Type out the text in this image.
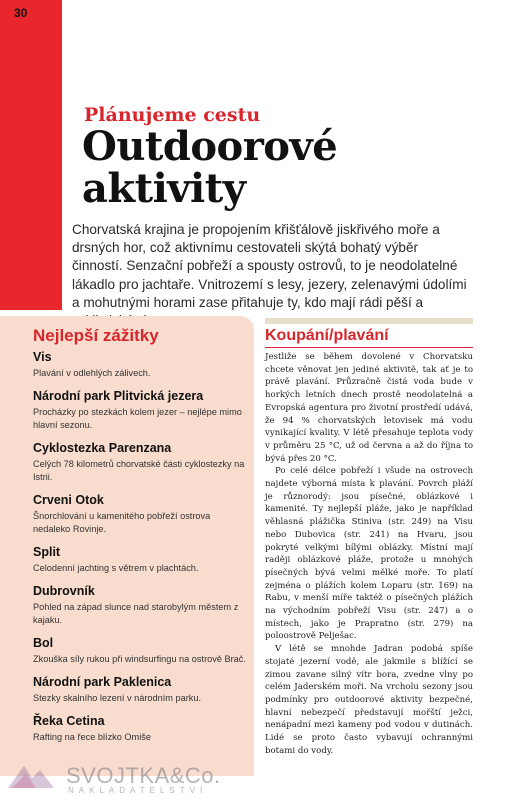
30
Plánujeme cestu
Outdoorové
aktivity

Chorvatská krajina je propojením křišťálově jiskřivého moře a drsných hor, což aktivnímu cestovateli skýtá bohatý výběr činností. Senzační pobřeží a spousty ostrovů, to je neodolatelné lákadlo pro jachtaře. Vnitrozemí s lesy, jezery, zelenavými údolími a mohutnými horami zase přitahuje ty, kdo mají rádi pěší a

Nejlepší zážitky

Vis

Plavání v odlehlých zálivech.

Národní park Plitvická jezera

Procházky po stezkách kolem jezer – nejlépe mimo hlavní sezonu.

Cyklostezka Parenzana

Celých 78 kilometrů chorvatské části cyklostezky na Istrii.

Crveni Otok

Šnorchlování u kamenitého pobřeží ostrova nedaleko Rovinje.

Split

Celodenní jachting s větrem v plachtách.

Dubrovník

Pohled na západ slunce nad starobylým městem z kajaku.

Bol

Zkouška síly rukou při windsurfingu na ostrově Brač.

Národní park Paklenica

Stezky skalního lezení v národním parku.

Řeka Cetina

Rafting na řece blízko Omiše

Koupání/plavání

Jestliže se během dovolené v Chorvatsku chcete věnovat jen jediné aktivitě, tak ať je to právě plavání. Průzračně čistá voda bude v horkých letních dnech prostě neodolatelná a Evropská agentura pro životní prostředí udává, že 94 % chorvatských letovisek má vodu vynikající kvality. V létě přesahuje teplota vody v průměru 25 °C, už od června a až do října to bývá přes 20 °C.

Po celé délce pobřeží i všude na ostrovech najdete výborná místa k plavání. Povrch pláží je různorodý: jsou písečné, oblázkové i kamenité. Ty nejlepší pláže, jako je například věhlasná plážička Stiniva (str. 249) na Visu nebo Dubovica (str. 241) na Hvaru, jsou pokryté velkými bílými oblázky. Místní mají raději oblázkové pláže, protože u mnohých písečných bývá velmi mělké moře. To platí zejména o plážích kolem Loparu (str. 169) na Rabu, v menší míře taktéž o písečných plážích na východním pobřeží Visu (str. 247) a o místech, jako je Prapratno (str. 279) na poloostrově Pelješac.

V létě se mnohde Jadran podobá spíše stojaté jezerní vodě, ale jakmile s blížící se zimou zavane silný vítr bora, zvedne vlny po celém Jaderském moři. Na vrcholu sezony jsou podmínky pro outdoorové aktivity bezpečné, hlavní nebezpečí představují mořští ježci, nenápadní mezi kameny pod vodou v dutinách. Lidé se proto často vybavují ochrannými botami do vody.

SVOJTKA&Co.
NAKLADATELSTVÍ
